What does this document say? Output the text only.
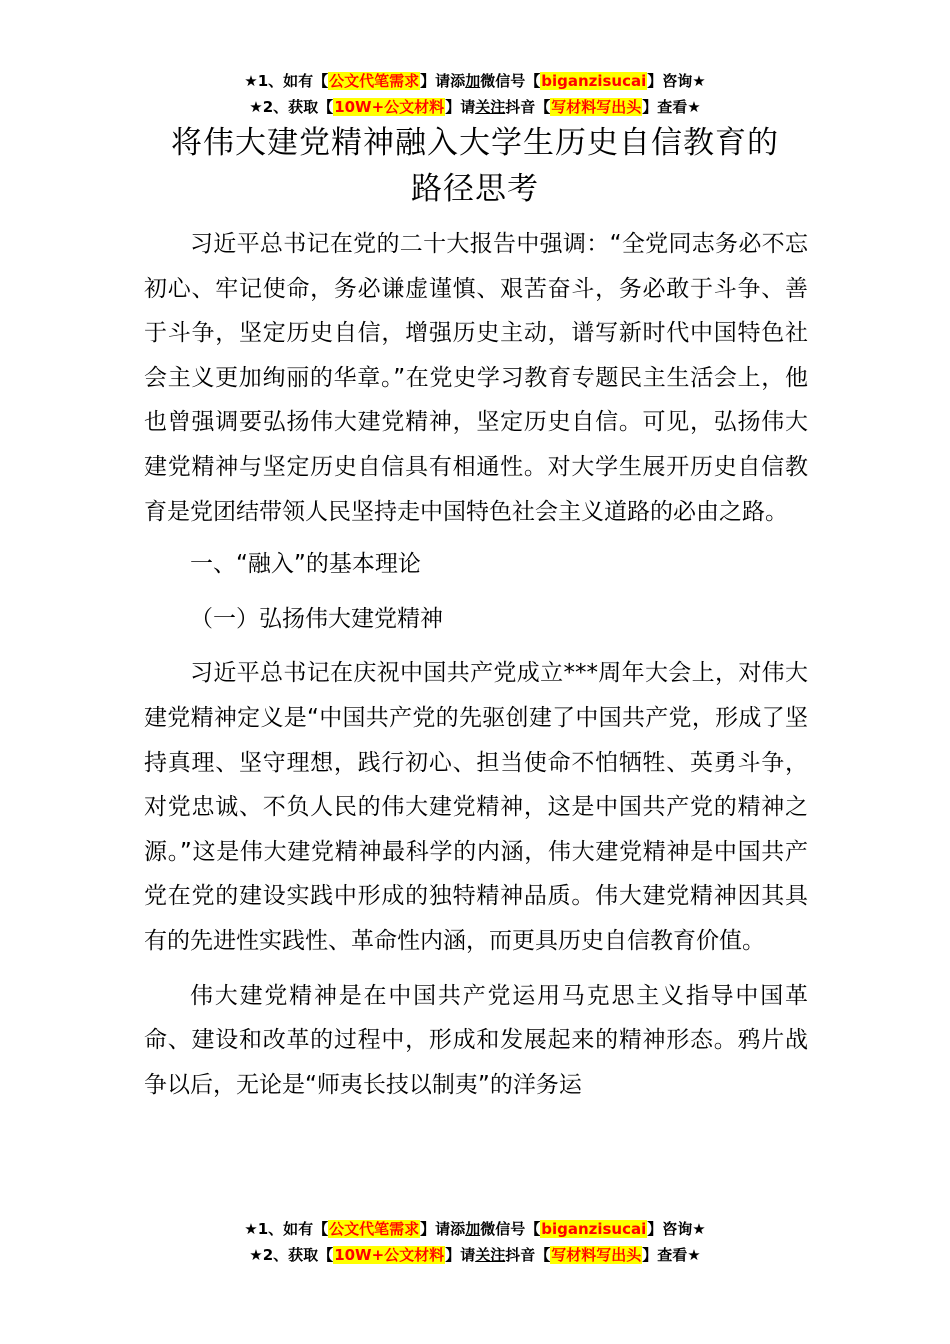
★1、如有【公文代笔需求】请添加微信号【biganzisucai】咨询★
★2、获取【10W+公文材料】请关注抖音【写材料写出头】查看★
将伟大建党精神融入大学生历史自信教育的
路径思考

习近平总书记在党的二十大报告中强调：“全党同志务必不忘初心、牢记使命，务必谦虚谨慎、艰苦奋斗，务必敢于斗争、善于斗争，坚定历史自信，增强历史主动，谱写新时代中国特色社会主义更加绚丽的华章。”在党史学习教育专题民主生活会上，他也曾强调要弘扬伟大建党精神，坚定历史自信。可见，弘扬伟大建党精神与坚定历史自信具有相通性。对大学生展开历史自信教育是党团结带领人民坚持走中国特色社会主义道路的必由之路。

一、“融入”的基本理论

（一）弘扬伟大建党精神

习近平总书记在庆祝中国共产党成立***周年大会上，对伟大建党精神定义是“中国共产党的先驱创建了中国共产党，形成了坚持真理、坚守理想，践行初心、担当使命不怕牺牲、英勇斗争，对党忠诚、不负人民的伟大建党精神，这是中国共产党的精神之源。”这是伟大建党精神最科学的内涵，伟大建党精神是中国共产党在党的建设实践中形成的独特精神品质。伟大建党精神因其具有的先进性实践性、革命性内涵，而更具历史自信教育价值。

伟大建党精神是在中国共产党运用马克思主义指导中国革命、建设和改革的过程中，形成和发展起来的精神形态。鸦片战争以后，无论是“师夷长技以制夷”的洋务运

★1、如有【公文代笔需求】请添加微信号【biganzisucai】咨询★
★2、获取【10W+公文材料】请关注抖音【写材料写出头】查看★
